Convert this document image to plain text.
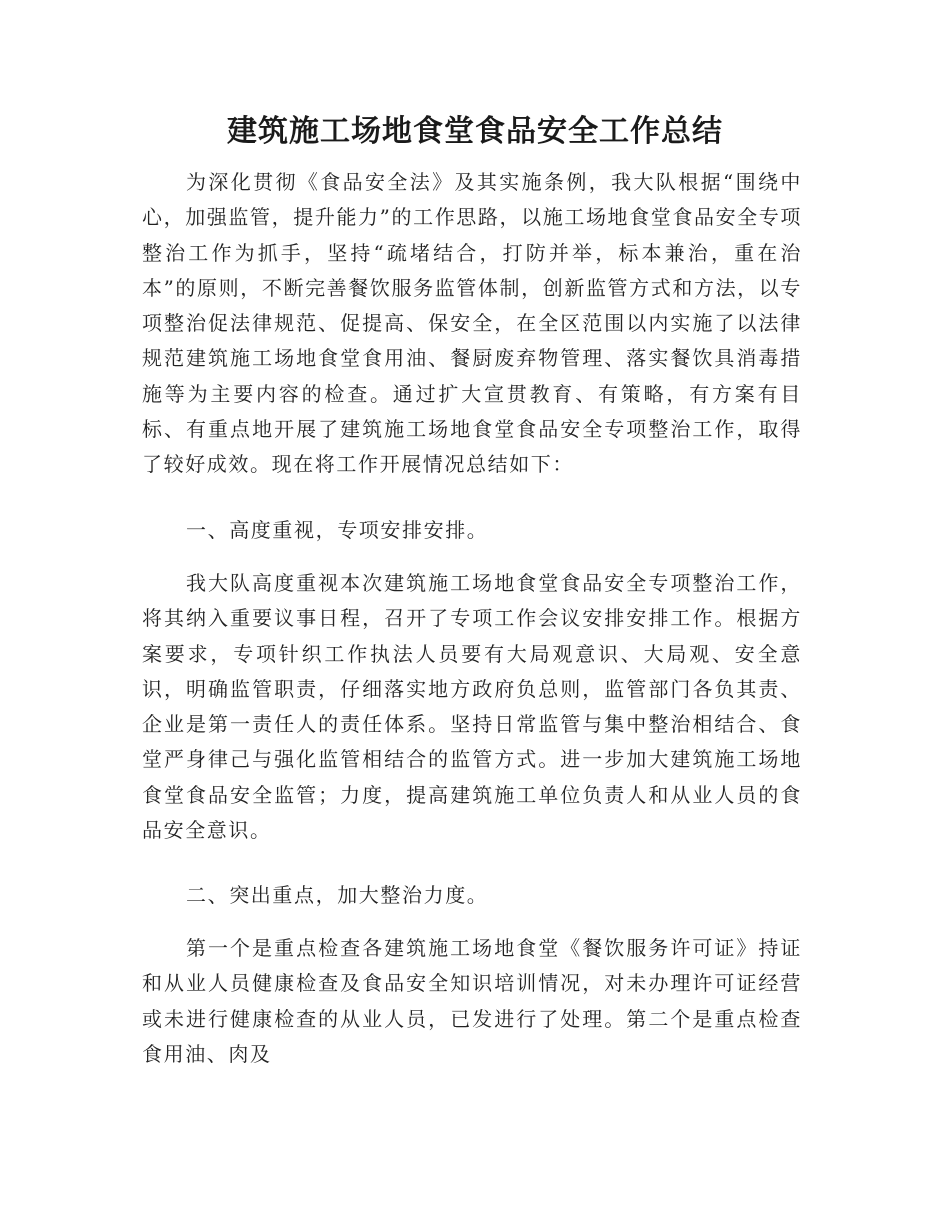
建筑施工场地食堂食品安全工作总结

为深化贯彻《食品安全法》及其实施条例，我大队根据“围绕中心，加强监管，提升能力”的工作思路，以施工场地食堂食品安全专项整治工作为抓手，坚持“疏堵结合，打防并举，标本兼治，重在治本”的原则，不断完善餐饮服务监管体制，创新监管方式和方法，以专项整治促法律规范、促提高、保安全，在全区范围以内实施了以法律规范建筑施工场地食堂食用油、餐厨废弃物管理、落实餐饮具消毒措施等为主要内容的检查。通过扩大宣贯教育、有策略，有方案有目标、有重点地开展了建筑施工场地食堂食品安全专项整治工作，取得了较好成效。现在将工作开展情况总结如下：

一、高度重视，专项安排安排。

我大队高度重视本次建筑施工场地食堂食品安全专项整治工作，将其纳入重要议事日程，召开了专项工作会议安排安排工作。根据方案要求，专项针织工作执法人员要有大局观意识、大局观、安全意识，明确监管职责，仔细落实地方政府负总则，监管部门各负其责、企业是第一责任人的责任体系。坚持日常监管与集中整治相结合、食堂严身律己与强化监管相结合的监管方式。进一步加大建筑施工场地食堂食品安全监管；力度，提高建筑施工单位负责人和从业人员的食品安全意识。

二、突出重点，加大整治力度。

第一个是重点检查各建筑施工场地食堂《餐饮服务许可证》持证和从业人员健康检查及食品安全知识培训情况，对未办理许可证经营或未进行健康检查的从业人员，已发进行了处理。第二个是重点检查食用油、肉及
